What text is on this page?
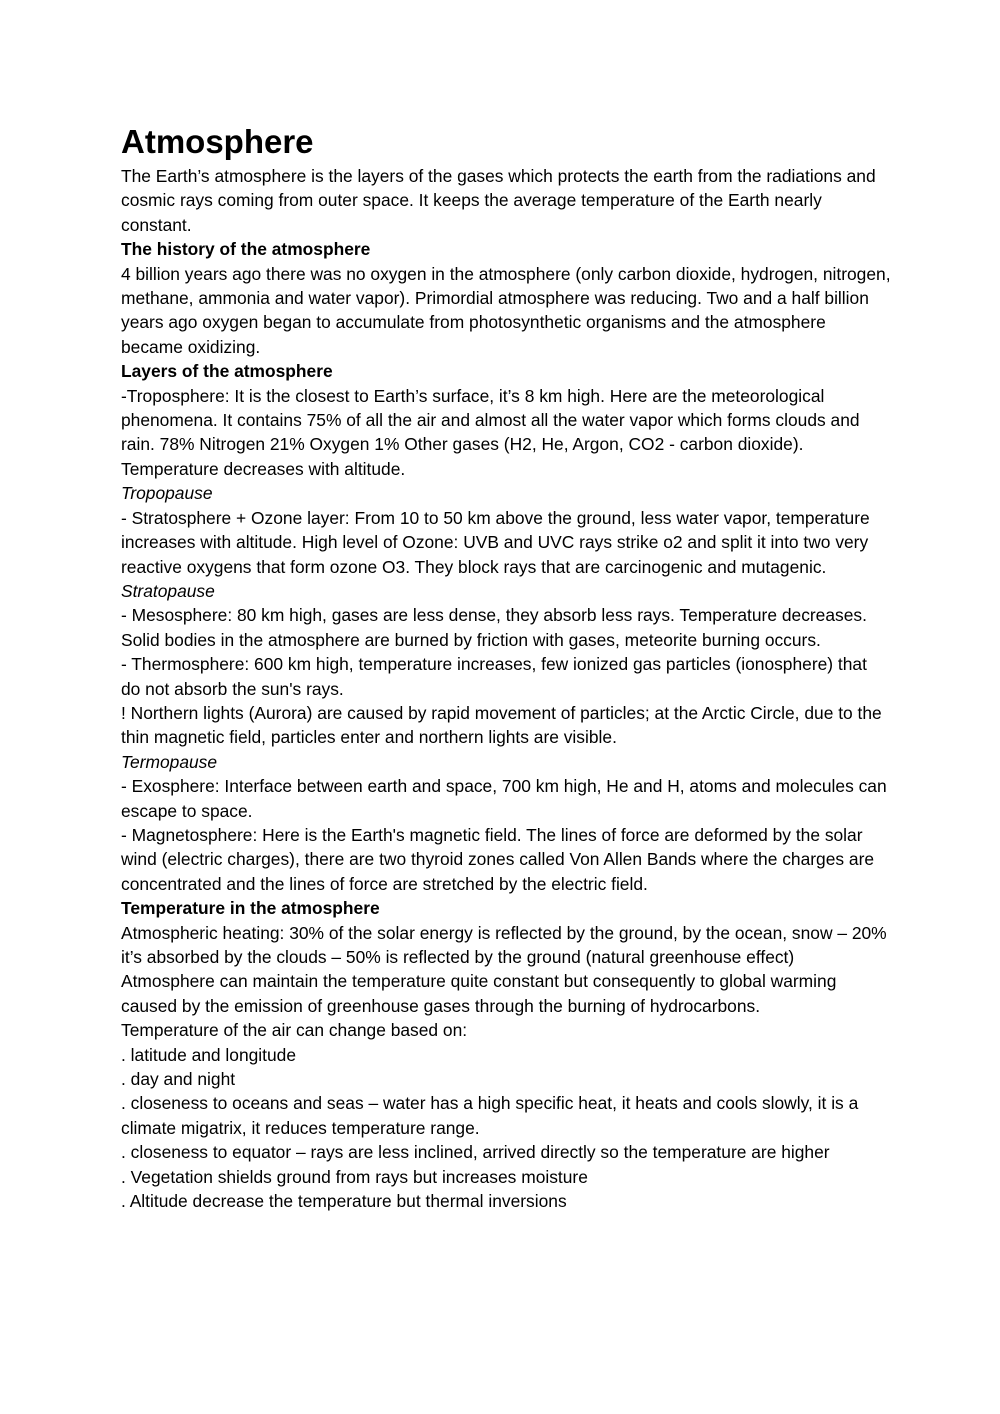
Atmosphere

The Earth’s atmosphere is the layers of the gases which protects the earth from the radiations and cosmic rays coming from outer space. It keeps the average temperature of the Earth nearly constant.

The history of the atmosphere

4 billion years ago there was no oxygen in the atmosphere (only carbon dioxide, hydrogen, nitrogen, methane, ammonia and water vapor). Primordial atmosphere was reducing. Two and a half billion years ago oxygen began to accumulate from photosynthetic organisms and the atmosphere became oxidizing.

Layers of the atmosphere

-Troposphere: It is the closest to Earth’s surface, it’s 8 km high. Here are the meteorological phenomena. It contains 75% of all the air and almost all the water vapor which forms clouds and rain. 78% Nitrogen 21% Oxygen 1% Other gases (H2, He, Argon, CO2 - carbon dioxide). Temperature decreases with altitude.

Tropopause

- Stratosphere + Ozone layer: From 10 to 50 km above the ground, less water vapor, temperature increases with altitude. High level of Ozone: UVB and UVC rays strike o2 and split it into two very reactive oxygens that form ozone O3. They block rays that are carcinogenic and mutagenic.

Stratopause

- Mesosphere: 80 km high, gases are less dense, they absorb less rays. Temperature decreases. Solid bodies in the atmosphere are burned by friction with gases, meteorite burning occurs.

- Thermosphere: 600 km high, temperature increases, few ionized gas particles (ionosphere) that do not absorb the sun's rays.

! Northern lights (Aurora) are caused by rapid movement of particles; at the Arctic Circle, due to the thin magnetic field, particles enter and northern lights are visible.

Termopause

- Exosphere: Interface between earth and space, 700 km high, He and H, atoms and molecules can escape to space.

- Magnetosphere: Here is the Earth's magnetic field. The lines of force are deformed by the solar wind (electric charges), there are two thyroid zones called Von Allen Bands where the charges are concentrated and the lines of force are stretched by the electric field.

Temperature in the atmosphere

Atmospheric heating: 30% of the solar energy is reflected by the ground, by the ocean, snow – 20% it’s absorbed by the clouds – 50% is reflected by the ground (natural greenhouse effect)

Atmosphere can maintain the temperature quite constant but consequently to global warming caused by the emission of greenhouse gases through the burning of hydrocarbons.

Temperature of the air can change based on:

. latitude and longitude

. day and night

. closeness to oceans and seas – water has a high specific heat, it heats and cools slowly, it is a climate migatrix, it reduces temperature range.

. closeness to equator – rays are less inclined, arrived directly so the temperature are higher

. Vegetation shields ground from rays but increases moisture

. Altitude decrease the temperature but thermal inversions
